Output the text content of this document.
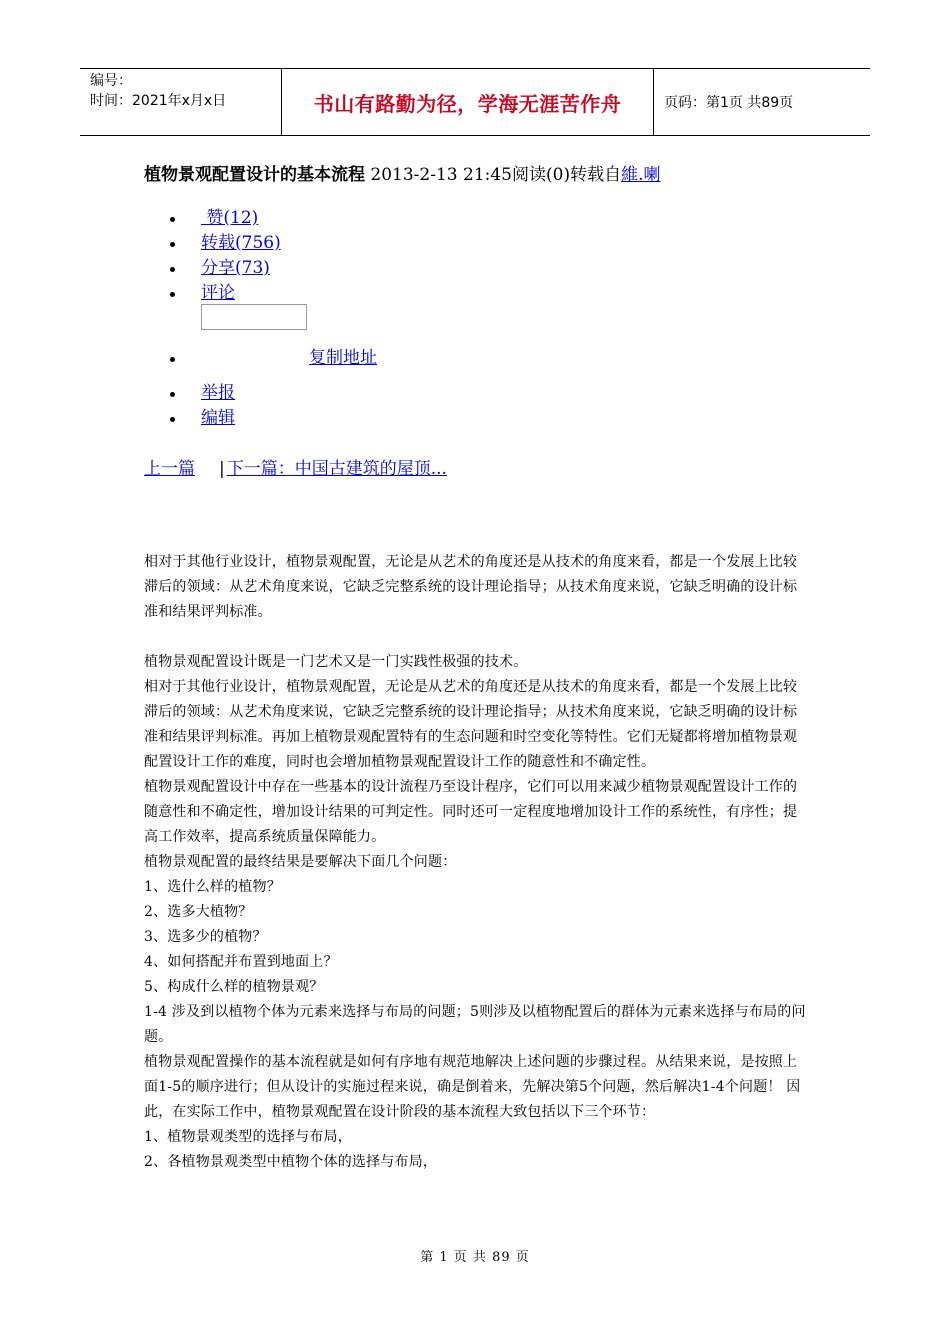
编号：
时间：2021年x月x日	书山有路勤为径，学海无涯苦作舟	页码：第1页 共89页
植物景观配置设计的基本流程 2013-2-13 21:45阅读(0)转载自維.喇
赞(12)
转载(756)
分享(73)
评论
复制地址
举报
编辑
上一篇 | 下一篇：中国古建筑的屋顶...

相对于其他行业设计，植物景观配置，无论是从艺术的角度还是从技术的角度来看，都是一个发展上比较滞后的领域：从艺术角度来说，它缺乏完整系统的设计理论指导；从技术角度来说，它缺乏明确的设计标准和结果评判标准。

植物景观配置设计既是一门艺术又是一门实践性极强的技术。

相对于其他行业设计，植物景观配置，无论是从艺术的角度还是从技术的角度来看，都是一个发展上比较滞后的领域：从艺术角度来说，它缺乏完整系统的设计理论指导；从技术角度来说，它缺乏明确的设计标准和结果评判标准。再加上植物景观配置特有的生态问题和时空变化等特性。它们无疑都将增加植物景观配置设计工作的难度，同时也会增加植物景观配置设计工作的随意性和不确定性。

植物景观配置设计中存在一些基本的设计流程乃至设计程序，它们可以用来减少植物景观配置设计工作的随意性和不确定性，增加设计结果的可判定性。同时还可一定程度地增加设计工作的系统性，有序性；提高工作效率，提高系统质量保障能力。

植物景观配置的最终结果是要解决下面几个问题：

1、选什么样的植物？

2、选多大植物？

3、选多少的植物？

4、如何搭配并布置到地面上？

5、构成什么样的植物景观？

1-4 涉及到以植物个体为元素来选择与布局的问题；5则涉及以植物配置后的群体为元素来选择与布局的问题。

植物景观配置操作的基本流程就是如何有序地有规范地解决上述问题的步骤过程。从结果来说，是按照上面1-5的顺序进行；但从设计的实施过程来说，确是倒着来，先解决第5个问题，然后解决1-4个问题！ 因此，在实际工作中，植物景观配置在设计阶段的基本流程大致包括以下三个环节：

1、植物景观类型的选择与布局，

2、各植物景观类型中植物个体的选择与布局，

第 1 页 共 89 页
